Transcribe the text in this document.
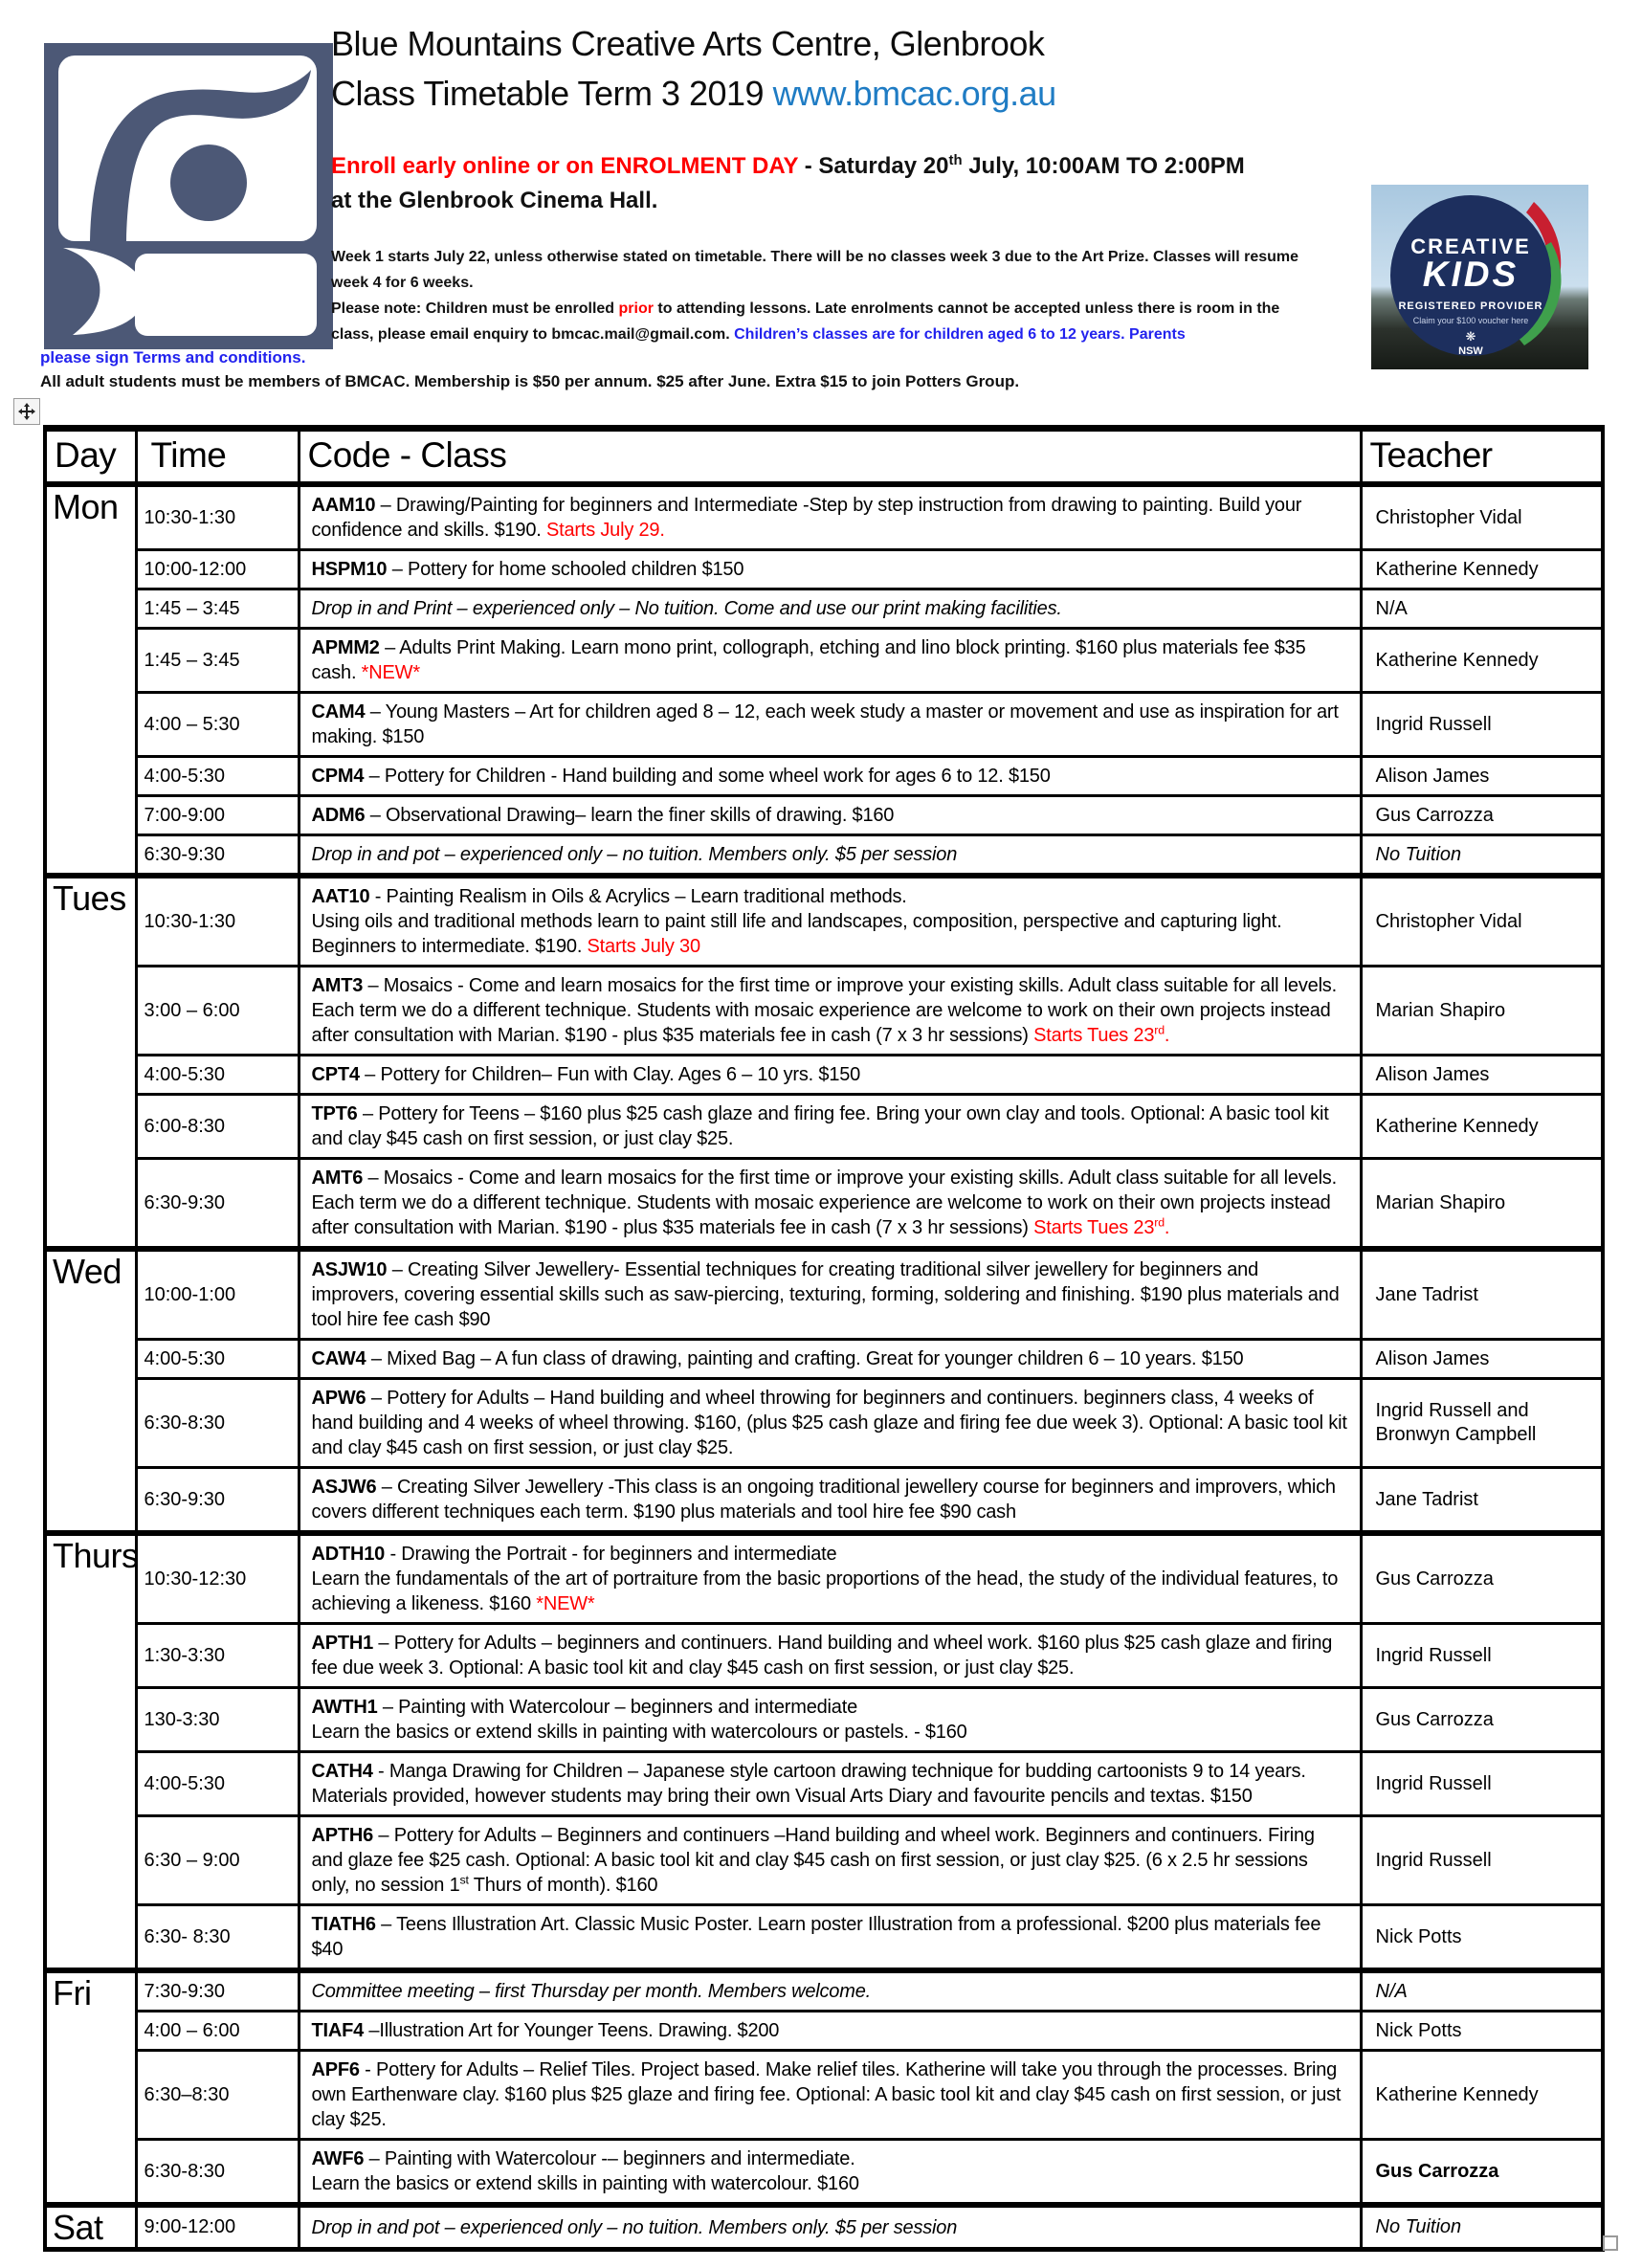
Blue Mountains Creative Arts Centre, Glenbrook
Class Timetable Term 3 2019 www.bmcac.org.au
Enroll early online or on ENROLMENT DAY - Saturday 20th July, 10:00AM TO 2:00PM at the Glenbrook Cinema Hall.
Week 1 starts July 22, unless otherwise stated on timetable. There will be no classes week 3 due to the Art Prize. Classes will resume week 4 for 6 weeks.
Please note: Children must be enrolled prior to attending lessons. Late enrolments cannot be accepted unless there is room in the class, please email enquiry to bmcac.mail@gmail.com. Children’s classes are for children aged 6 to 12 years. Parents
please sign Terms and conditions.
All adult students must be members of BMCAC. Membership is $50 per annum. $25 after June. Extra $15 to join Potters Group.
CREATIVE
KIDS
REGISTERED PROVIDER
Claim your $100 voucher here
❋
NSW
Day	Time	Code - Class	Teacher
Mon	10:30-1:30	AAM10 – Drawing/Painting for beginners and Intermediate -Step by step instruction from drawing to painting. Build your confidence and skills. $190. Starts July 29.	Christopher Vidal
	10:00-12:00	HSPM10 – Pottery for home schooled children $150	Katherine Kennedy
	1:45 – 3:45	Drop in and Print – experienced only – No tuition. Come and use our print making facilities.	N/A
	1:45 – 3:45	APMM2 – Adults Print Making. Learn mono print, collograph, etching and lino block printing. $160 plus materials fee $35 cash. *NEW*	Katherine Kennedy
	4:00 – 5:30	CAM4 – Young Masters – Art for children aged 8 – 12, each week study a master or movement and use as inspiration for art making. $150	Ingrid Russell
	4:00-5:30	CPM4 – Pottery for Children - Hand building and some wheel work for ages 6 to 12. $150	Alison James
	7:00-9:00	ADM6 – Observational Drawing– learn the finer skills of drawing. $160	Gus Carrozza
	6:30-9:30	Drop in and pot – experienced only – no tuition. Members only. $5 per session	No Tuition
Tues	10:30-1:30	AAT10 - Painting Realism in Oils & Acrylics – Learn traditional methods.
Using oils and traditional methods learn to paint still life and landscapes, composition, perspective and capturing light. Beginners to intermediate. $190. Starts July 30	Christopher Vidal
	3:00 – 6:00	AMT3 – Mosaics - Come and learn mosaics for the first time or improve your existing skills. Adult class suitable for all levels. Each term we do a different technique. Students with mosaic experience are welcome to work on their own projects instead after consultation with Marian. $190 - plus $35 materials fee in cash (7 x 3 hr sessions) Starts Tues 23rd.	Marian Shapiro
	4:00-5:30	CPT4 – Pottery for Children– Fun with Clay. Ages 6 – 10 yrs. $150	Alison James
	6:00-8:30	TPT6 – Pottery for Teens – $160 plus $25 cash glaze and firing fee. Bring your own clay and tools. Optional: A basic tool kit and clay $45 cash on first session, or just clay $25.	Katherine Kennedy
	6:30-9:30	AMT6 – Mosaics - Come and learn mosaics for the first time or improve your existing skills. Adult class suitable for all levels. Each term we do a different technique. Students with mosaic experience are welcome to work on their own projects instead after consultation with Marian. $190 - plus $35 materials fee in cash (7 x 3 hr sessions) Starts Tues 23rd.	Marian Shapiro
Wed	10:00-1:00	ASJW10 – Creating Silver Jewellery- Essential techniques for creating traditional silver jewellery for beginners and improvers, covering essential skills such as saw-piercing, texturing, forming, soldering and finishing. $190 plus materials and tool hire fee cash $90	Jane Tadrist
	4:00-5:30	CAW4 – Mixed Bag – A fun class of drawing, painting and crafting. Great for younger children 6 – 10 years. $150	Alison James
	6:30-8:30	APW6 – Pottery for Adults – Hand building and wheel throwing for beginners and continuers. beginners class, 4 weeks of hand building and 4 weeks of wheel throwing. $160, (plus $25 cash glaze and firing fee due week 3). Optional: A basic tool kit and clay $45 cash on first session, or just clay $25.	Ingrid Russell and Bronwyn Campbell
	6:30-9:30	ASJW6 – Creating Silver Jewellery -This class is an ongoing traditional jewellery course for beginners and improvers, which covers different techniques each term. $190 plus materials and tool hire fee $90 cash	Jane Tadrist
Thurs	10:30-12:30	ADTH10 - Drawing the Portrait - for beginners and intermediate
Learn the fundamentals of the art of portraiture from the basic proportions of the head, the study of the individual features, to achieving a likeness. $160 *NEW*	Gus Carrozza
	1:30-3:30	APTH1 – Pottery for Adults – beginners and continuers. Hand building and wheel work. $160 plus $25 cash glaze and firing fee due week 3. Optional: A basic tool kit and clay $45 cash on first session, or just clay $25.	Ingrid Russell
	130-3:30	AWTH1 – Painting with Watercolour – beginners and intermediate
Learn the basics or extend skills in painting with watercolours or pastels. - $160	Gus Carrozza
	4:00-5:30	CATH4 - Manga Drawing for Children – Japanese style cartoon drawing technique for budding cartoonists 9 to 14 years. Materials provided, however students may bring their own Visual Arts Diary and favourite pencils and textas. $150	Ingrid Russell
	6:30 – 9:00	APTH6 – Pottery for Adults – Beginners and continuers –Hand building and wheel work. Beginners and continuers. Firing and glaze fee $25 cash. Optional: A basic tool kit and clay $45 cash on first session, or just clay $25. (6 x 2.5 hr sessions only, no session 1st Thurs of month). $160	Ingrid Russell
	6:30- 8:30	TIATH6 – Teens Illustration Art. Classic Music Poster. Learn poster Illustration from a professional. $200 plus materials fee $40	Nick Potts
Fri	7:30-9:30	Committee meeting – first Thursday per month. Members welcome.	N/A
	4:00 – 6:00	TIAF4 –Illustration Art for Younger Teens. Drawing. $200	Nick Potts
	6:30–8:30	APF6 - Pottery for Adults – Relief Tiles. Project based. Make relief tiles. Katherine will take you through the processes. Bring own Earthenware clay. $160 plus $25 glaze and firing fee. Optional: A basic tool kit and clay $45 cash on first session, or just clay $25.	Katherine Kennedy
	6:30-8:30	AWF6 – Painting with Watercolour -– beginners and intermediate.
Learn the basics or extend skills in painting with watercolour. $160	Gus Carrozza
Sat	9:00-12:00	Drop in and pot – experienced only – no tuition. Members only. $5 per session	No Tuition
